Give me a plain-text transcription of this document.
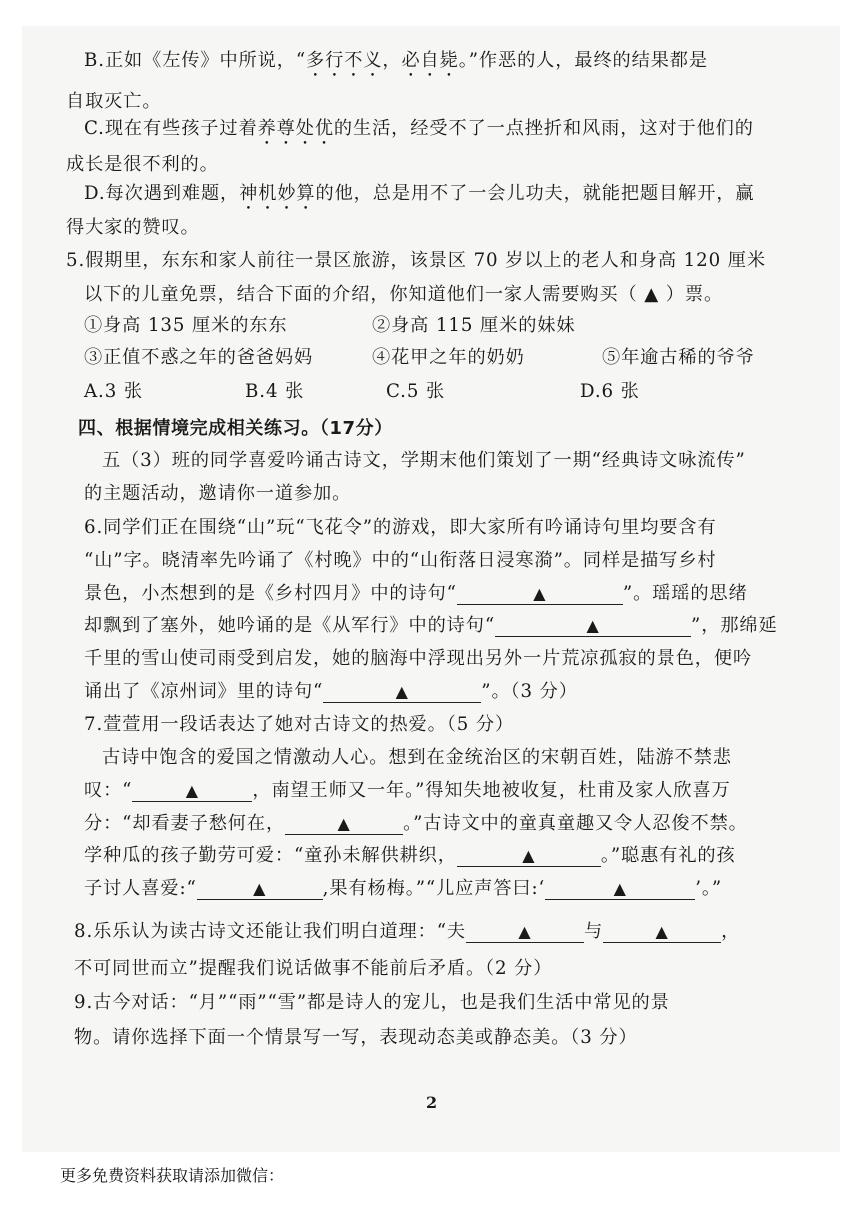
B.正如《左传》中所说，“多行不义，必自毙。”作恶的人，最终的结果都是
自取灭亡。
C.现在有些孩子过着养尊处优的生活，经受不了一点挫折和风雨，这对于他们的
成长是很不利的。
D.每次遇到难题，神机妙算的他，总是用不了一会儿功夫，就能把题目解开，赢
得大家的赞叹。
5.假期里，东东和家人前往一景区旅游，该景区 70 岁以上的老人和身高 120 厘米
以下的儿童免票，结合下面的介绍，你知道他们一家人需要购买（ ▲ ）票。
①身高 135 厘米的东东	②身高 115 厘米的妹妹
③正值不惑之年的爸爸妈妈	④花甲之年的奶奶	⑤年逾古稀的爷爷
A.3 张	B.4 张	C.5 张	D.6 张
四、根据情境完成相关练习。（17分）
五（3）班的同学喜爱吟诵古诗文，学期末他们策划了一期“经典诗文咏流传”
的主题活动，邀请你一道参加。
6.同学们正在围绕“山”玩“飞花令”的游戏，即大家所有吟诵诗句里均要含有
“山”字。晓清率先吟诵了《村晚》中的“山衔落日浸寒漪”。同样是描写乡村
景色，小杰想到的是《乡村四月》中的诗句“	▲	”。瑶瑶的思绪
却飘到了塞外，她吟诵的是《从军行》中的诗句“	▲	”，那绵延
千里的雪山使司雨受到启发，她的脑海中浮现出另外一片荒凉孤寂的景色，便吟
诵出了《凉州词》里的诗句“	▲	”。（3 分）
7.萱萱用一段话表达了她对古诗文的热爱。（5 分）
古诗中饱含的爱国之情激动人心。想到在金统治区的宋朝百姓，陆游不禁悲
叹：“	▲	，南望王师又一年。”得知失地被收复，杜甫及家人欣喜万
分：“却看妻子愁何在，	▲	。”古诗文中的童真童趣又令人忍俊不禁。
学种瓜的孩子勤劳可爱：“童孙未解供耕织，	▲	。”聪惠有礼的孩
子讨人喜爱:“	▲	,果有杨梅。”“儿应声答曰:‘	▲	’。”
8.乐乐认为读古诗文还能让我们明白道理：“夫	▲	与	▲	，
不可同世而立”提醒我们说话做事不能前后矛盾。（2 分）
9.古今对话：“月”“雨”“雪”都是诗人的宠儿，也是我们生活中常见的景
物。请你选择下面一个情景写一写，表现动态美或静态美。（3 分）
2
更多免费资料获取请添加微信：
